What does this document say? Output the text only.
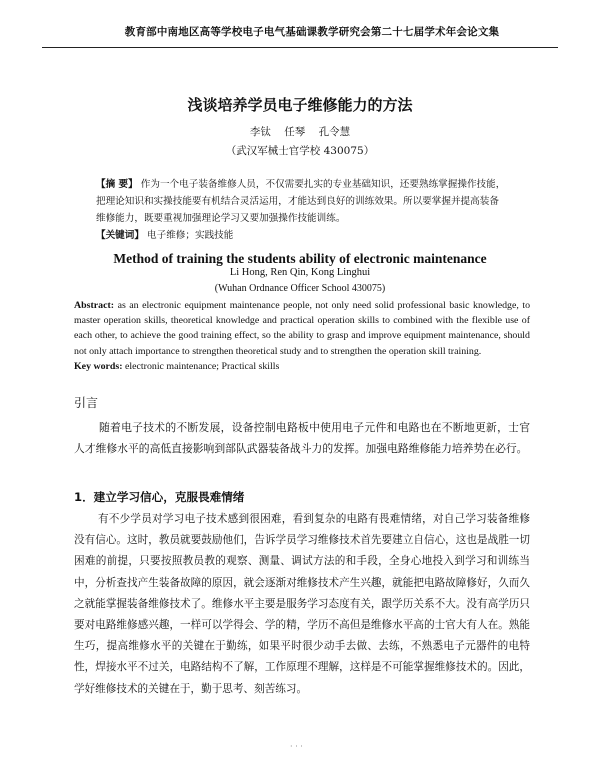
教育部中南地区高等学校电子电气基础课教学研究会第二十七届学术年会论文集
浅谈培养学员电子维修能力的方法
李钛 任琴 孔令慧
（武汉军械士官学校 430075）
【摘 要】 作为一个电子装备维修人员，不仅需要扎实的专业基础知识，还要熟练掌握操作技能，把理论知识和实操技能要有机结合灵活运用，才能达到良好的训练效果。所以要掌握并提高装备维修能力，既要重视加强理论学习又要加强操作技能训练。
【关键词】 电子维修；实践技能
Method of training the students ability of electronic maintenance
Li Hong, Ren Qin, Kong Linghui
(Wuhan Ordnance Officer School 430075)
Abstract: as an electronic equipment maintenance people, not only need solid professional basic knowledge, to master operation skills, theoretical knowledge and practical operation skills to combined with the flexible use of each other, to achieve the good training effect, so the ability to grasp and improve equipment maintenance, should not only attach importance to strengthen theoretical study and to strengthen the operation skill training.
Key words: electronic maintenance; Practical skills
引言
随着电子技术的不断发展，设备控制电路板中使用电子元件和电路也在不断地更新，士官人才维修水平的高低直接影响到部队武器装备战斗力的发挥。加强电路维修能力培养势在必行。
1．建立学习信心，克服畏难情绪
有不少学员对学习电子技术感到很困难，看到复杂的电路有畏难情绪，对自己学习装备维修没有信心。这时，教员就要鼓励他们，告诉学员学习维修技术首先要建立自信心，这也是战胜一切困难的前提，只要按照教员教的观察、测量、调试方法的和手段，全身心地投入到学习和训练当中，分析查找产生装备故障的原因，就会逐渐对维修技术产生兴趣，就能把电路故障修好，久而久之就能掌握装备维修技术了。维修水平主要是服务学习态度有关，跟学历关系不大。没有高学历只要对电路维修感兴趣，一样可以学得会、学的精，学历不高但是维修水平高的士官大有人在。熟能生巧，提高维修水平的关键在于勤练，如果平时很少动手去做、去练，不熟悉电子元器件的电特性，焊接水平不过关，电路结构不了解，工作原理不理解，这样是不可能掌握维修技术的。因此，学好维修技术的关键在于，勤于思考、刻苦练习。
· · ·
